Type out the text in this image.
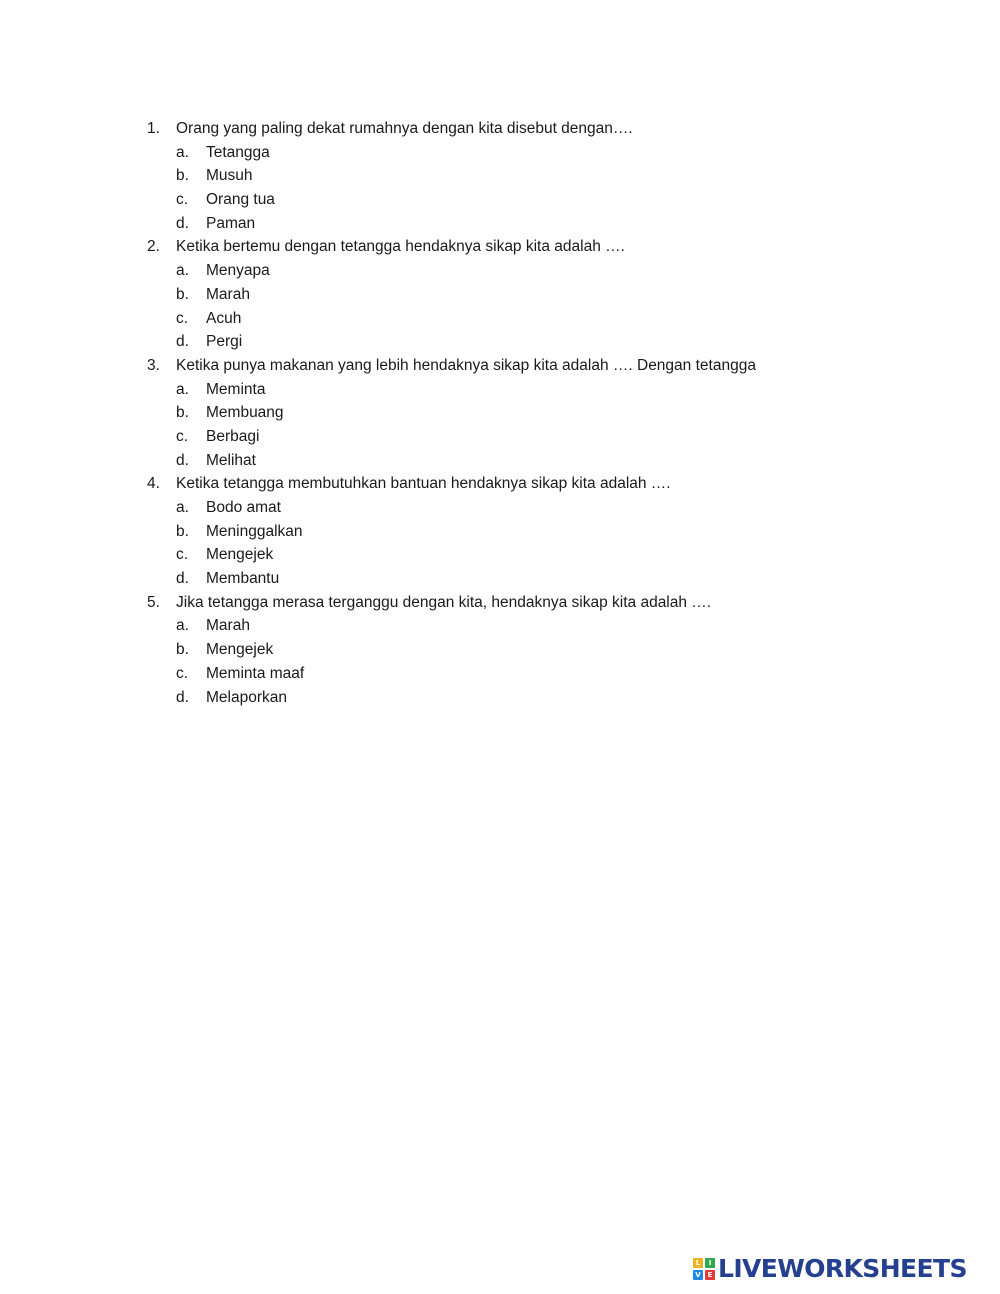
1.	Orang yang paling dekat rumahnya dengan kita disebut dengan….
a.	Tetangga
b.	Musuh
c.	Orang tua
d.	Paman
2.	Ketika bertemu dengan tetangga hendaknya sikap kita adalah ….
a.	Menyapa
b.	Marah
c.	Acuh
d.	Pergi
3.	Ketika punya makanan yang lebih hendaknya sikap kita adalah …. Dengan tetangga
a.	Meminta
b.	Membuang
c.	Berbagi
d.	Melihat
4.	Ketika tetangga membutuhkan bantuan hendaknya sikap kita adalah ….
a.	Bodo amat
b.	Meninggalkan
c.	Mengejek
d.	Membantu
5.	Jika tetangga merasa terganggu dengan kita, hendaknya sikap kita adalah ….
a.	Marah
b.	Mengejek
c.	Meminta maaf
d.	Melaporkan
L	I
V E LIVEWORKSHEETS
